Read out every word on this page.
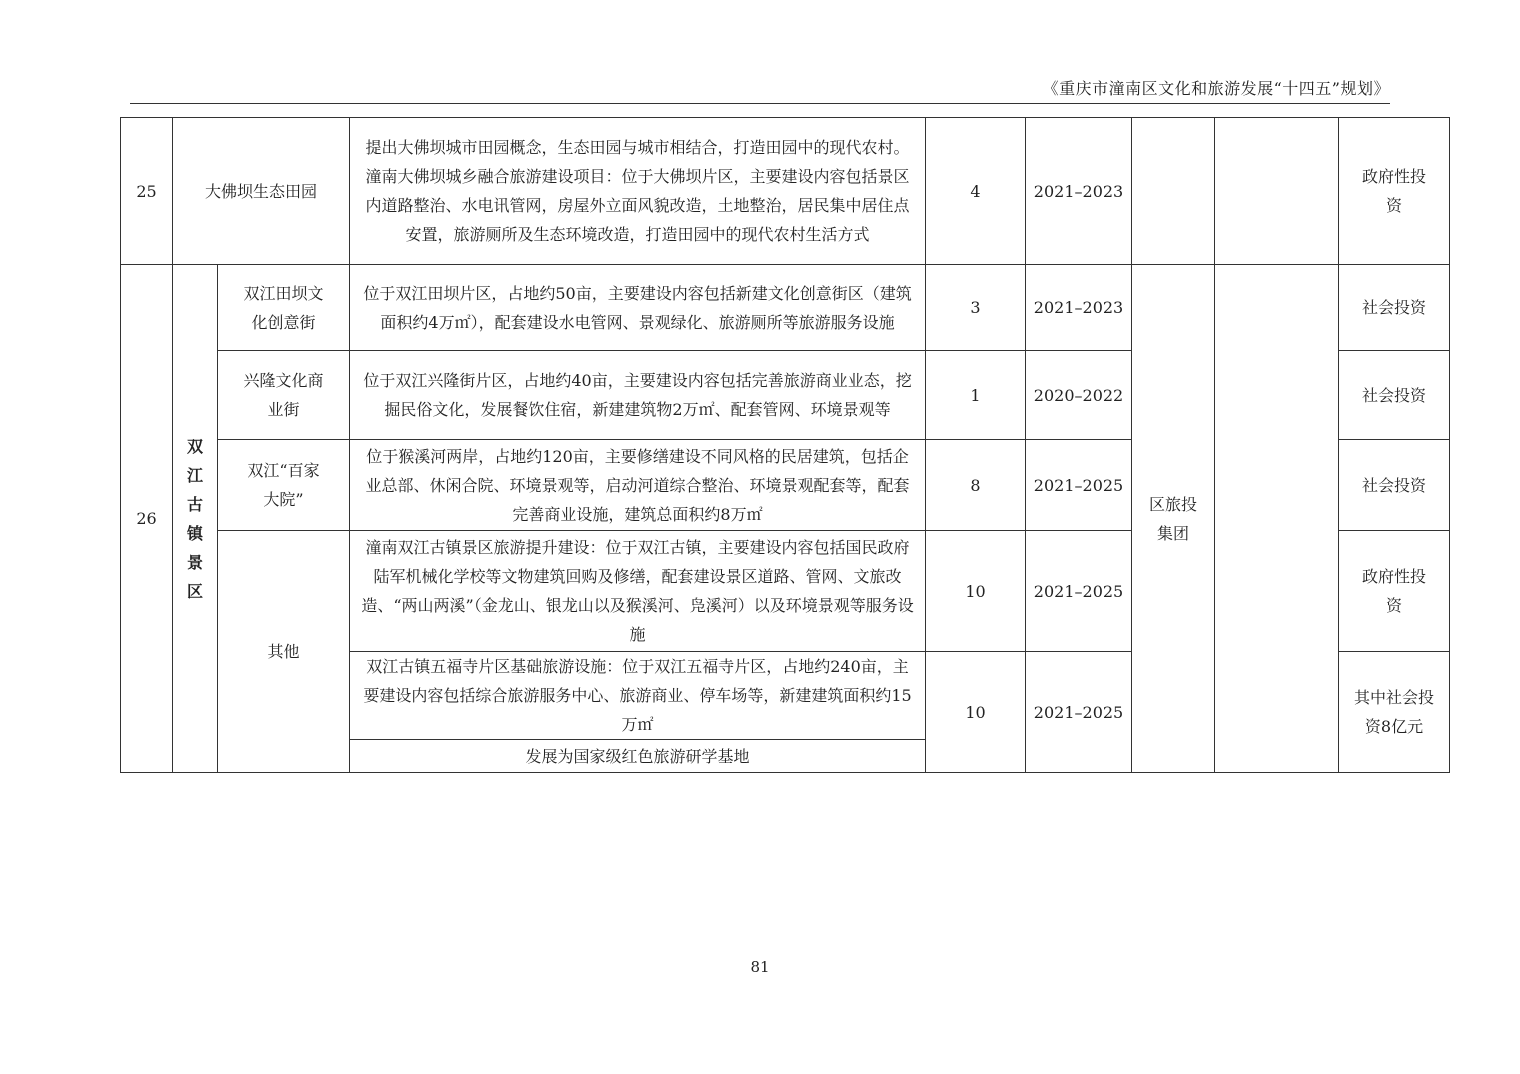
《重庆市潼南区文化和旅游发展“十四五”规划》
25	大佛坝生态田园		提出大佛坝城市田园概念，生态田园与城市相结合，打造田园中的现代农村。潼南大佛坝城乡融合旅游建设项目：位于大佛坝片区，主要建设内容包括景区内道路整治、水电讯管网，房屋外立面风貌改造，土地整治，居民集中居住点安置，旅游厕所及生态环境改造，打造田园中的现代农村生活方式	4	2021–2023			政府性投资
26	双江古镇景区	双江田坝文化创意街	位于双江田坝片区，占地约50亩，主要建设内容包括新建文化创意街区（建筑面积约4万㎡），配套建设水电管网、景观绿化、旅游厕所等旅游服务设施	3	2021–2023	区旅投集团		社会投资
		兴隆文化商业街	位于双江兴隆街片区，占地约40亩，主要建设内容包括完善旅游商业业态，挖掘民俗文化，发展餐饮住宿，新建建筑物2万㎡、配套管网、环境景观等	1	2020–2022			社会投资
		双江“百家大院”	位于猴溪河两岸，占地约120亩，主要修缮建设不同风格的民居建筑，包括企业总部、休闲合院、环境景观等，启动河道综合整治、环境景观配套等，配套完善商业设施，建筑总面积约8万㎡	8	2021–2025			社会投资
		其他	潼南双江古镇景区旅游提升建设：位于双江古镇，主要建设内容包括国民政府陆军机械化学校等文物建筑回购及修缮，配套建设景区道路、管网、文旅改造、“两山两溪”（金龙山、银龙山以及猴溪河、凫溪河）以及环境景观等服务设施	10	2021–2025			政府性投资
			双江古镇五福寺片区基础旅游设施：位于双江五福寺片区，占地约240亩，主要建设内容包括综合旅游服务中心、旅游商业、停车场等，新建建筑面积约15万㎡	10	2021–2025			其中社会投资8亿元
			发展为国家级红色旅游研学基地					
81
